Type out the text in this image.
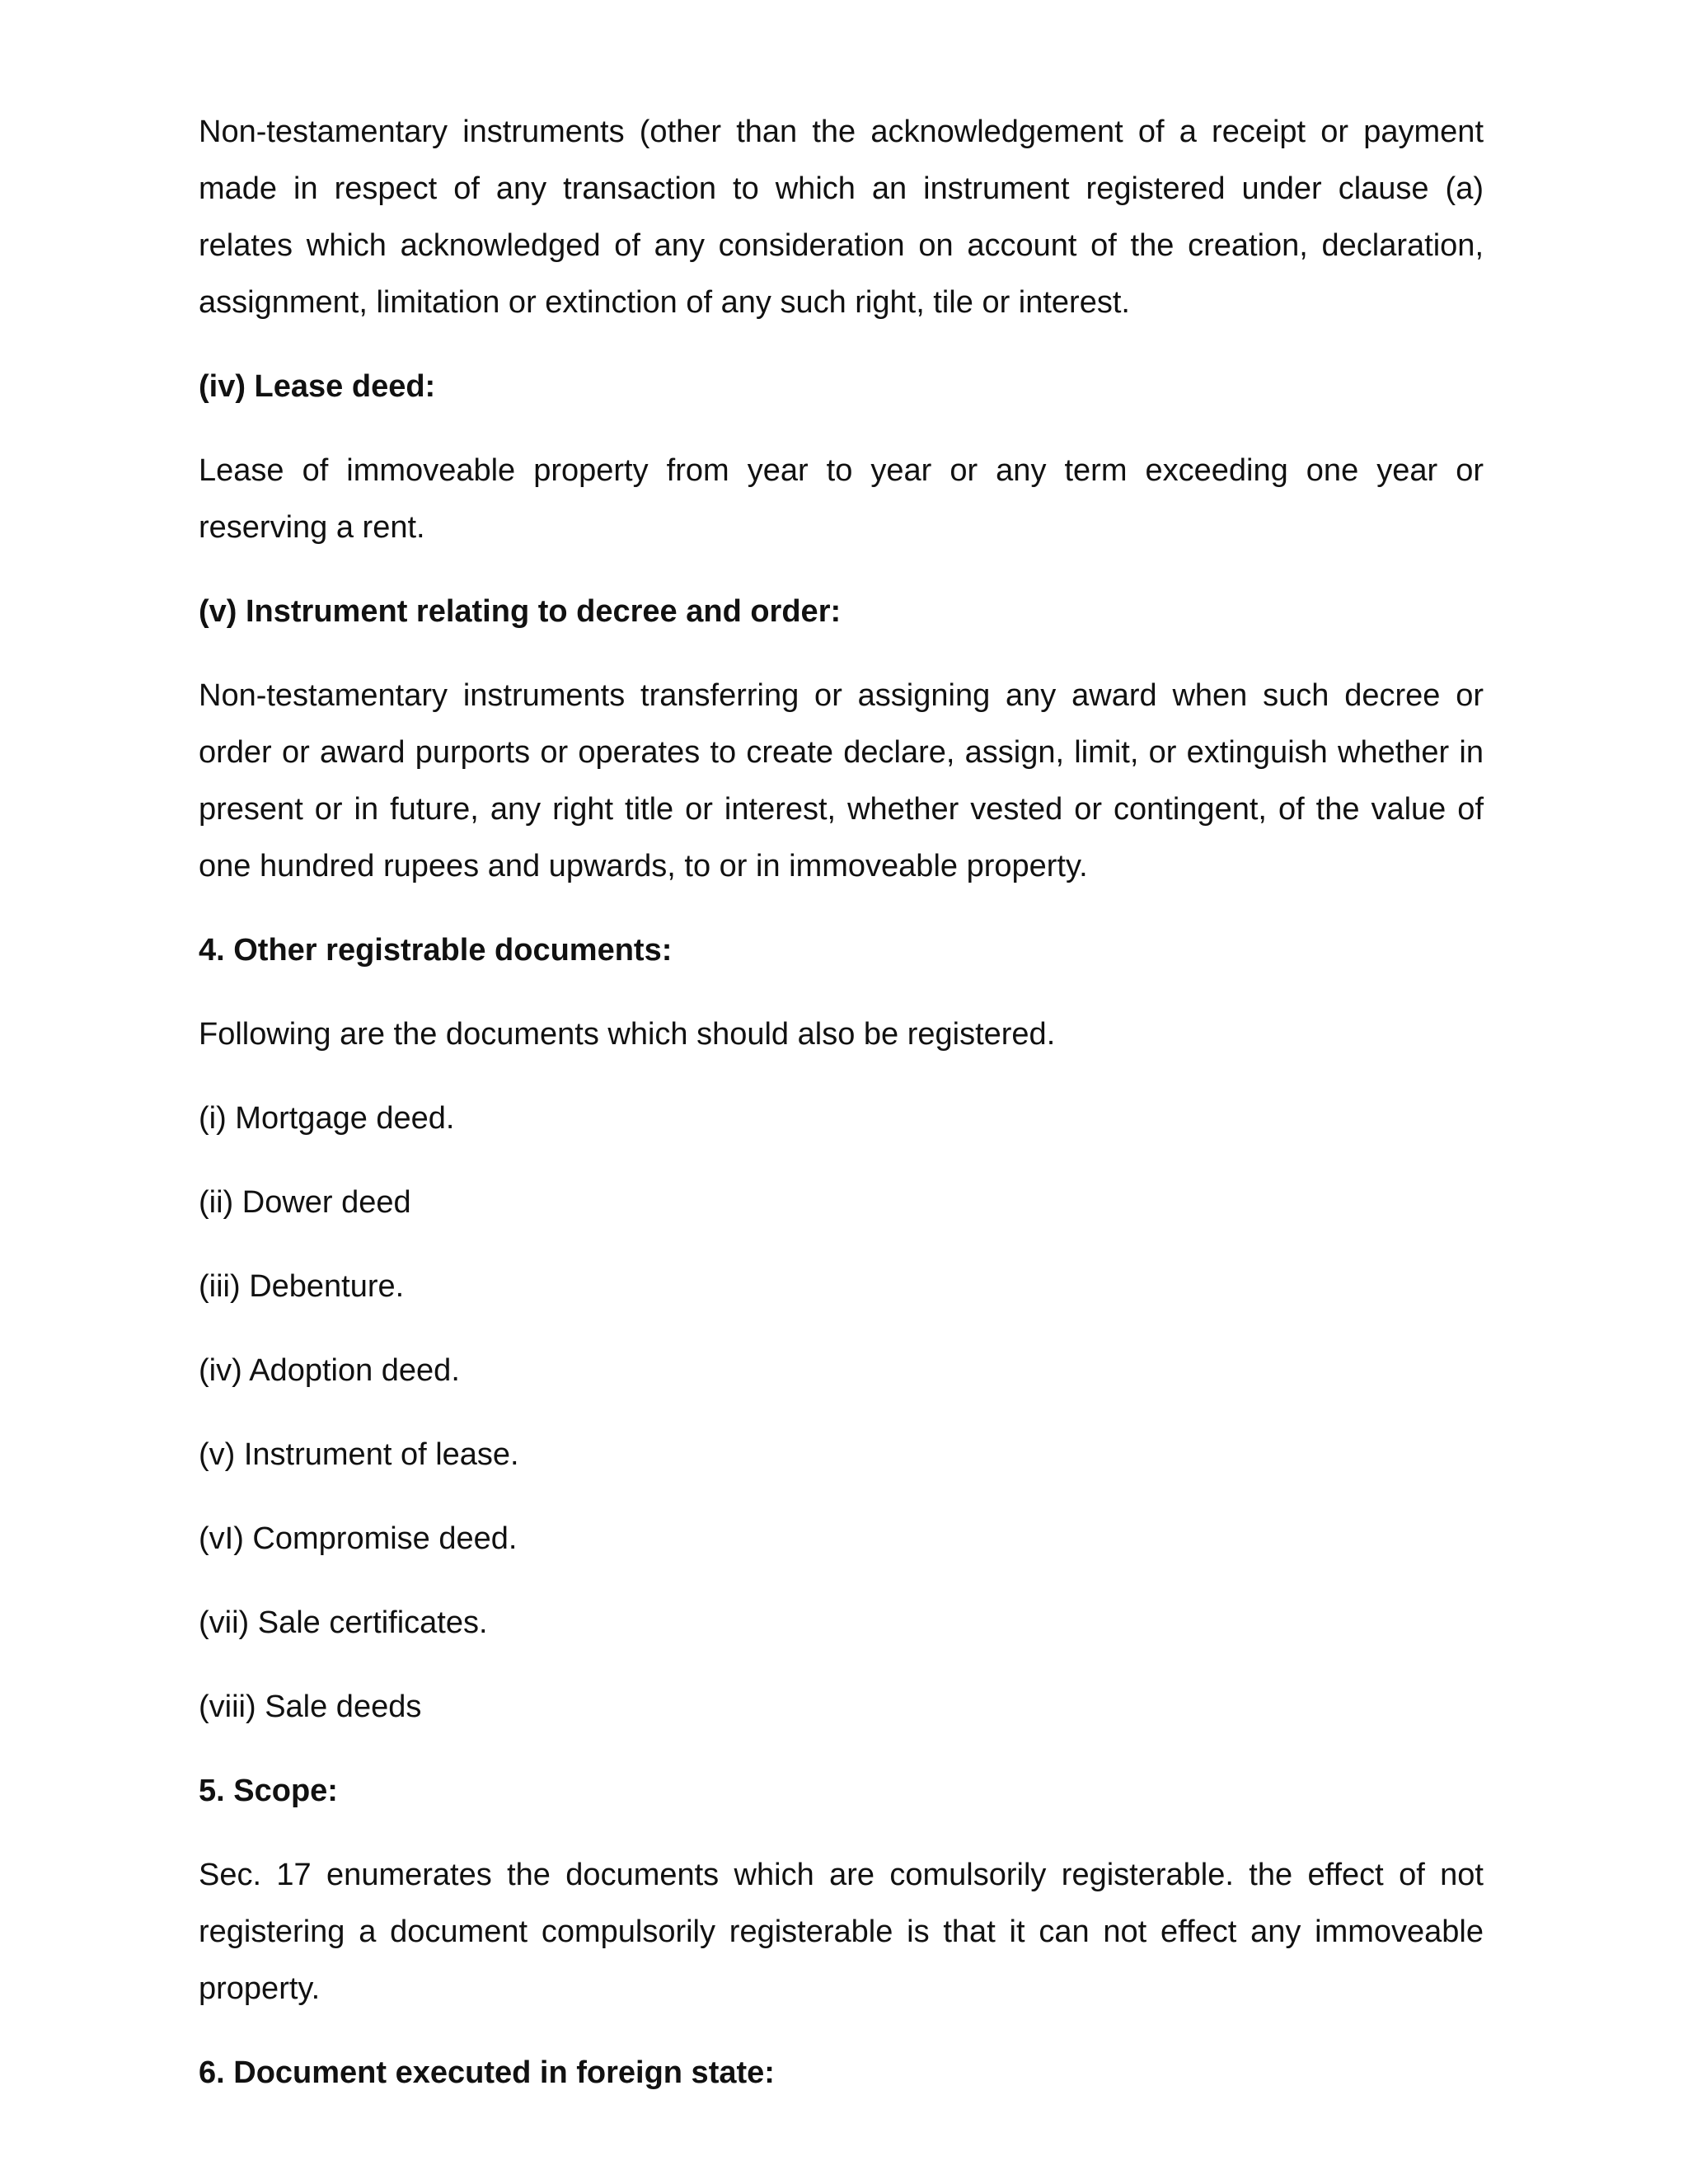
Non-testamentary instruments (other than the acknowledgement of a receipt or payment made in respect of any transaction to which an instrument registered under clause (a) relates which acknowledged of any consideration on account of the creation, declaration, assignment, limitation or extinction of any such right, tile or interest.

(iv) Lease deed:

Lease of immoveable property from year to year or any term exceeding one year or reserving a rent.

(v) Instrument relating to decree and order:

Non-testamentary instruments transferring or assigning any award when such decree or order or award purports or operates to create declare, assign, limit, or extinguish whether in present or in future, any right title or interest, whether vested or contingent, of the value of one hundred rupees and upwards, to or in immoveable property.

4. Other registrable documents:

Following are the documents which should also be registered.

(i) Mortgage deed.

(ii) Dower deed

(iii) Debenture.

(iv) Adoption deed.

(v) Instrument of lease.

(vI) Compromise deed.

(vii) Sale certificates.

(viii) Sale deeds

5. Scope:

Sec. 17 enumerates the documents which are comulsorily registerable. the effect of not registering a document compulsorily registerable is that it can not effect any immoveable property.

6. Document executed in foreign state:
